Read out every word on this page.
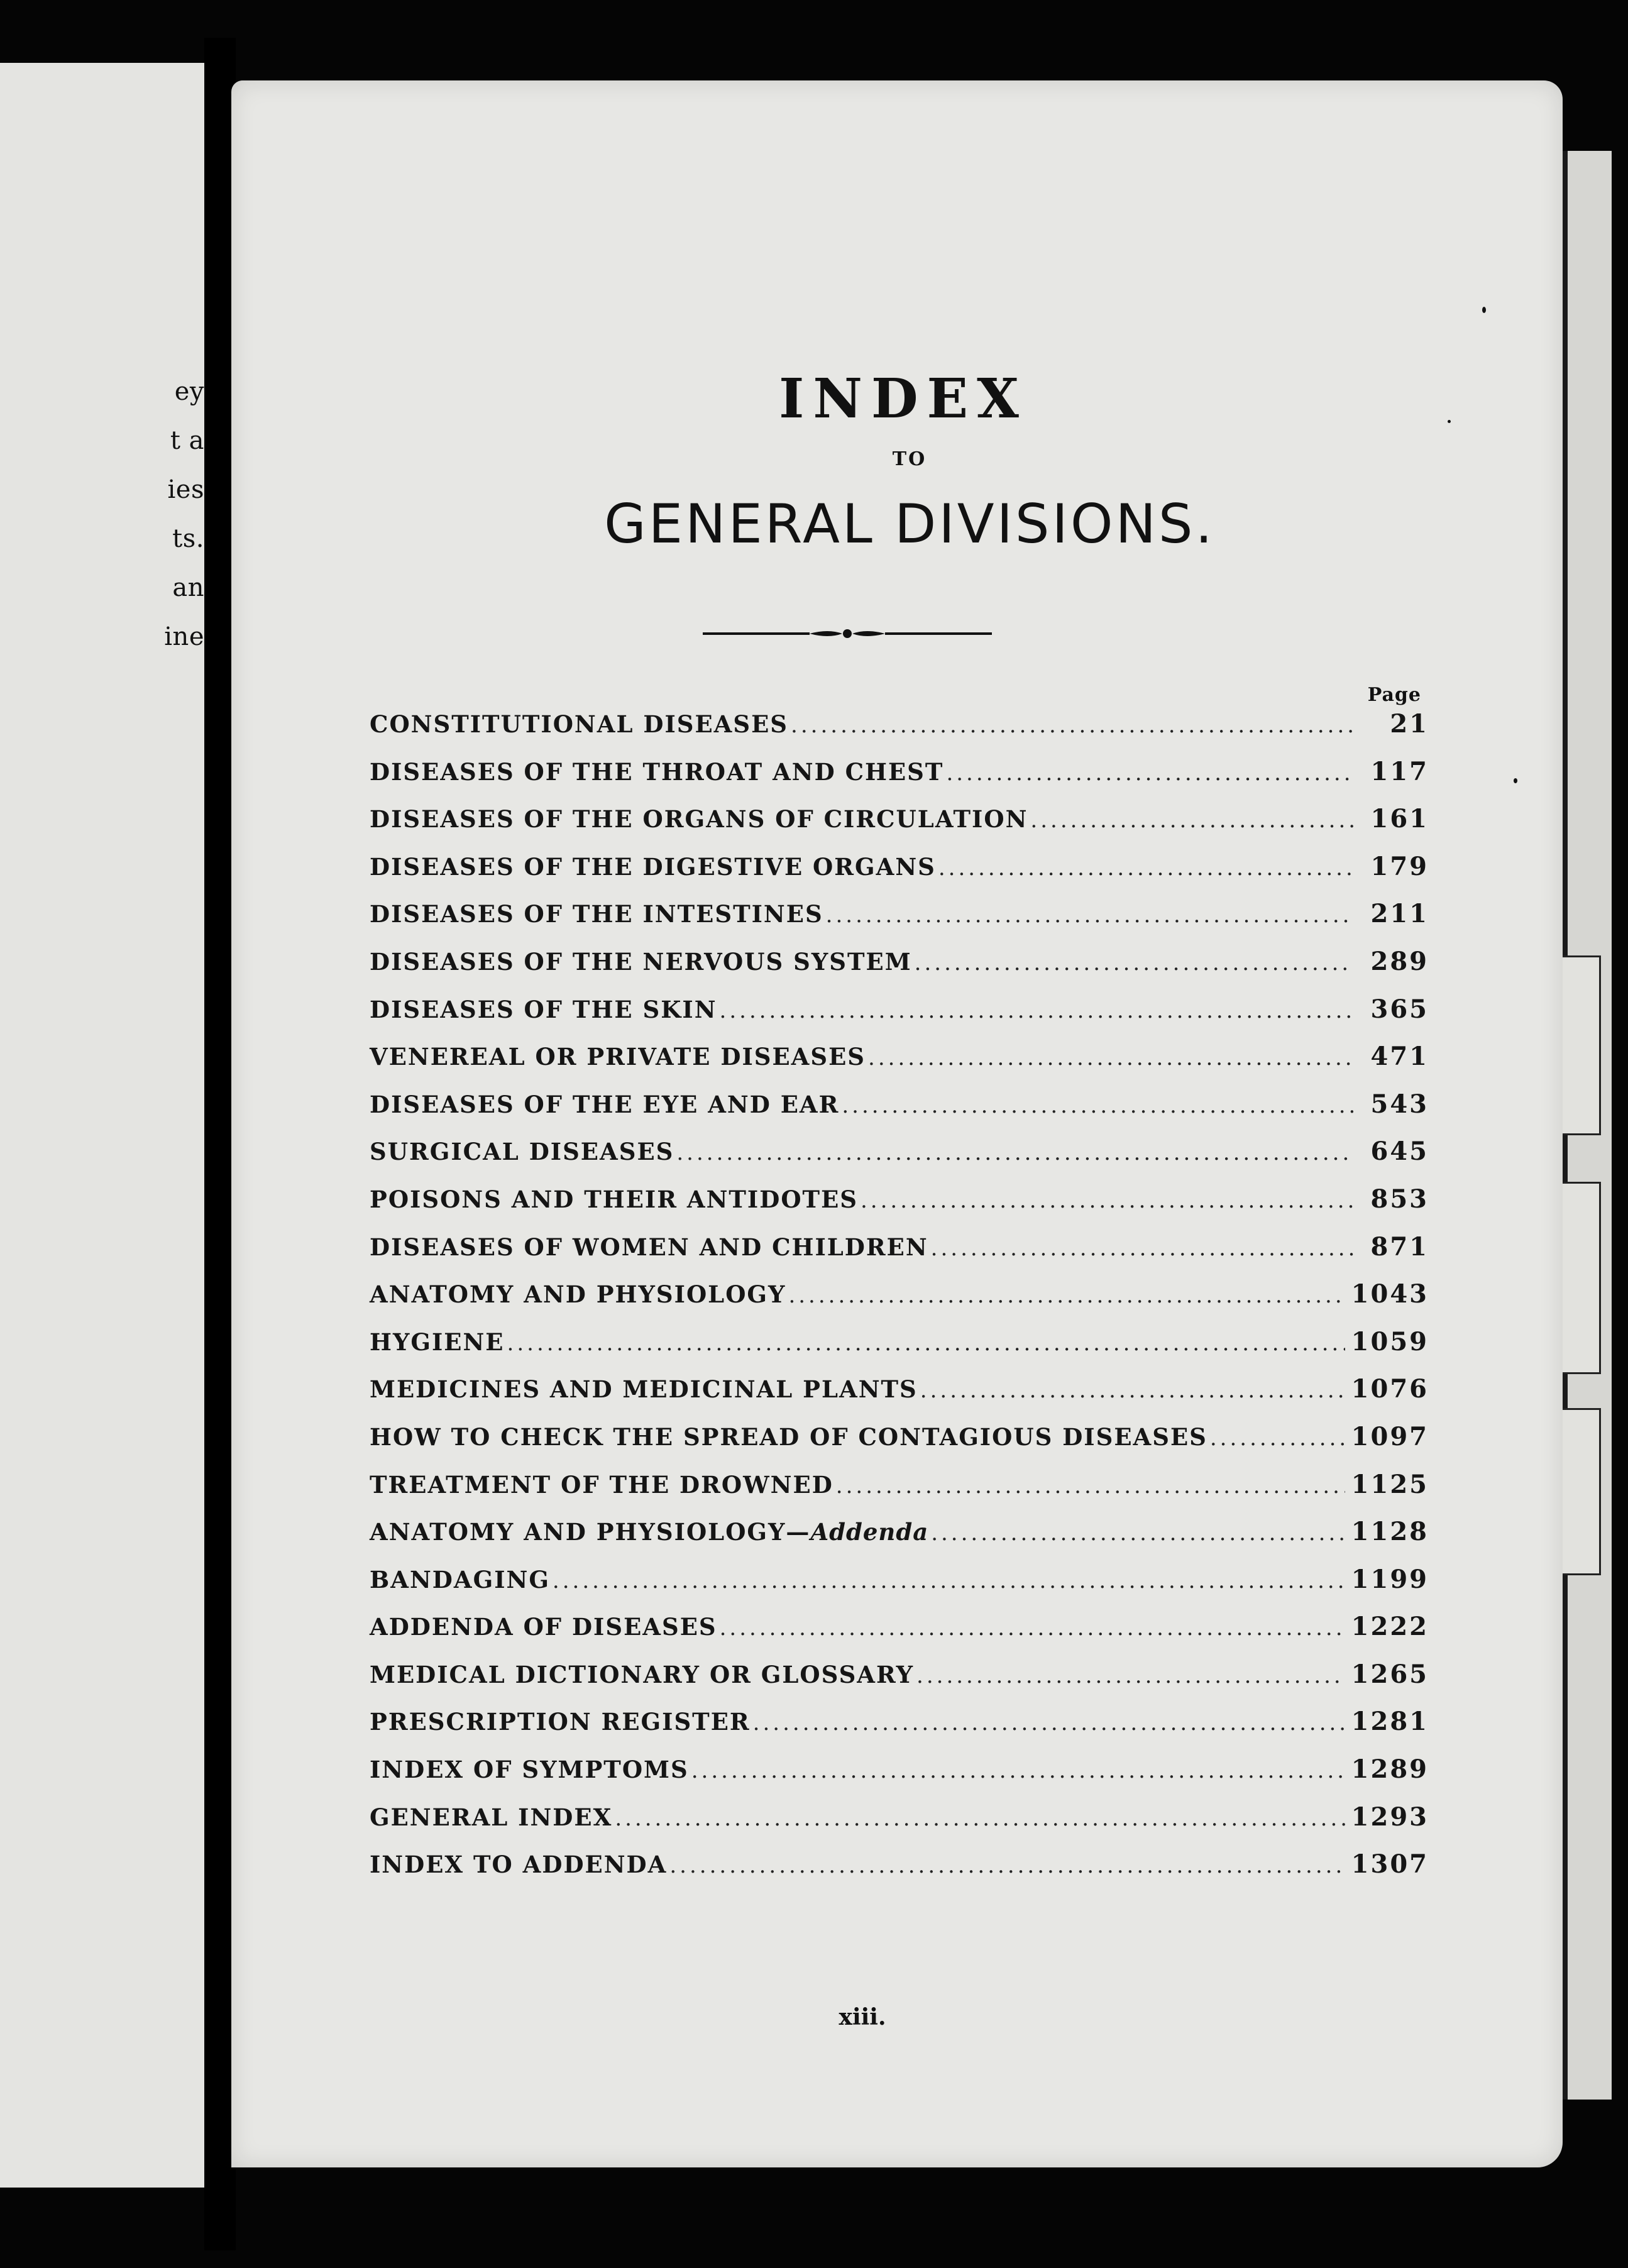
ey
t a
ies
ts.
an
ine
INDEX
TO
GENERAL DIVISIONS.
Page
CONSTITUTIONAL DISEASES .....	21
DISEASES OF THE THROAT AND CHEST .....	117
DISEASES OF THE ORGANS OF CIRCULATION .....	161
DISEASES OF THE DIGESTIVE ORGANS .....	179
DISEASES OF THE INTESTINES .....	211
DISEASES OF THE NERVOUS SYSTEM .....	289
DISEASES OF THE SKIN .....	365
VENEREAL OR PRIVATE DISEASES .....	471
DISEASES OF THE EYE AND EAR .....	543
SURGICAL DISEASES .....	645
POISONS AND THEIR ANTIDOTES .....	853
DISEASES OF WOMEN AND CHILDREN .....	871
ANATOMY AND PHYSIOLOGY .....	1043
HYGIENE .....	1059
MEDICINES AND MEDICINAL PLANTS .....	1076
HOW TO CHECK THE SPREAD OF CONTAGIOUS DISEASES .....	1097
TREATMENT OF THE DROWNED .....	1125
ANATOMY AND PHYSIOLOGY—Addenda .....	1128
BANDAGING .....	1199
ADDENDA OF DISEASES .....	1222
MEDICAL DICTIONARY OR GLOSSARY .....	1265
PRESCRIPTION REGISTER .....	1281
INDEX OF SYMPTOMS .....	1289
GENERAL INDEX .....	1293
INDEX TO ADDENDA .....	1307
xiii.
